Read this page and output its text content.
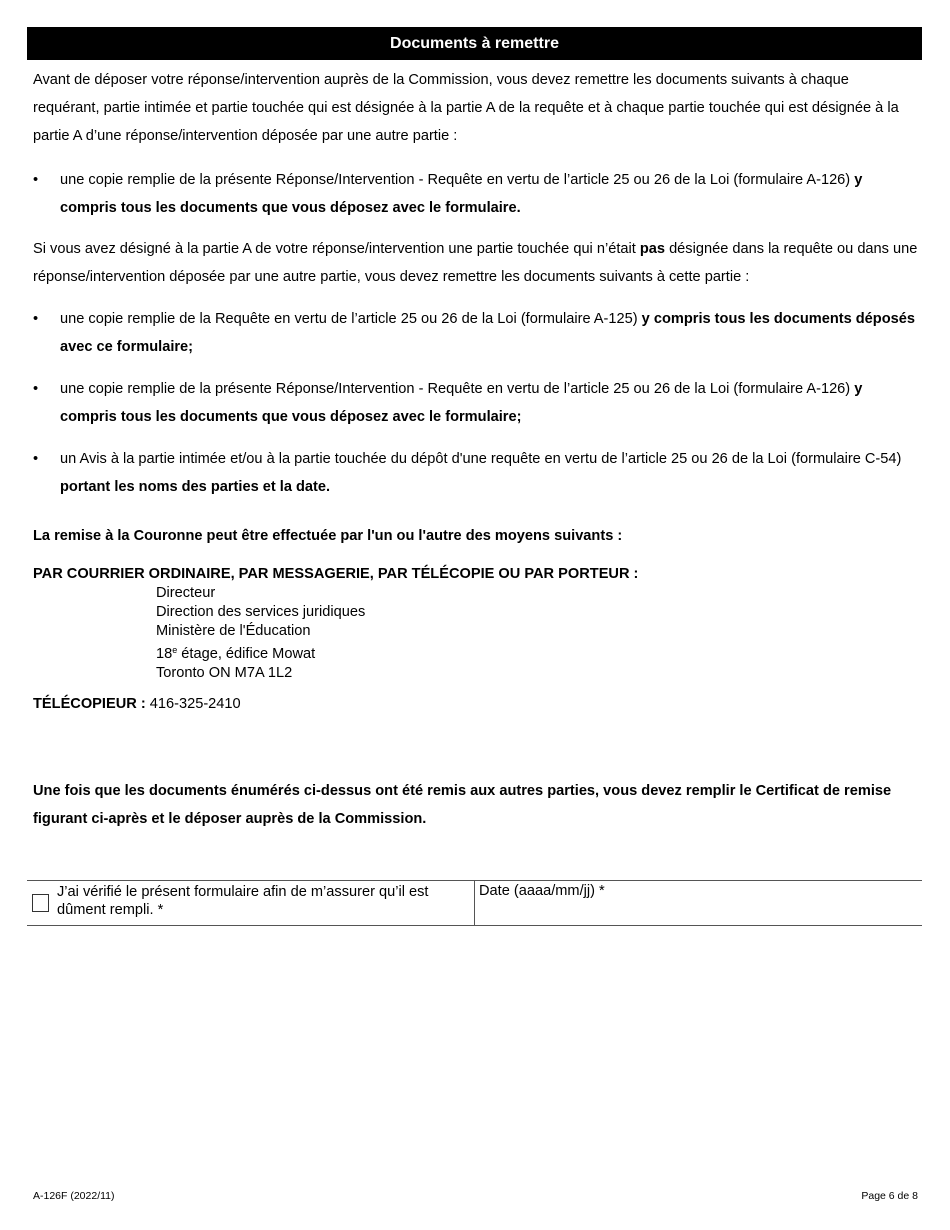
Documents à remettre
Avant de déposer votre réponse/intervention auprès de la Commission, vous devez remettre les documents suivants à chaque requérant, partie intimée et partie touchée qui est désignée à la partie A de la requête et à chaque partie touchée qui est désignée à la partie A d’une réponse/intervention déposée par une autre partie :
• une copie remplie de la présente Réponse/Intervention - Requête en vertu de l’article 25 ou 26 de la Loi (formulaire A-126) y compris tous les documents que vous déposez avec le formulaire.
Si vous avez désigné à la partie A de votre réponse/intervention une partie touchée qui n’était pas désignée dans la requête ou dans une réponse/intervention déposée par une autre partie, vous devez remettre les documents suivants à cette partie :
• une copie remplie de la Requête en vertu de l’article 25 ou 26 de la Loi (formulaire A-125) y compris tous les documents déposés avec ce formulaire;
• une copie remplie de la présente Réponse/Intervention - Requête en vertu de l’article 25 ou 26 de la Loi (formulaire A-126) y compris tous les documents que vous déposez avec le formulaire;
• un Avis à la partie intimée et/ou à la partie touchée du dépôt d'une requête en vertu de l’article 25 ou 26 de la Loi (formulaire C-54) portant les noms des parties et la date.
La remise à la Couronne peut être effectuée par l'un ou l'autre des moyens suivants :
PAR COURRIER ORDINAIRE, PAR MESSAGERIE, PAR TÉLÉCOPIE OU PAR PORTEUR :
Directeur
Direction des services juridiques
Ministère de l'Éducation
18e étage, édifice Mowat
Toronto ON M7A 1L2
TÉLÉCOPIEUR : 416-325-2410
Une fois que les documents énumérés ci-dessus ont été remis aux autres parties, vous devez remplir le Certificat de remise figurant ci-après et le déposer auprès de la Commission.
J’ai vérifié le présent formulaire afin de m’assurer qu’il est dûment rempli. *
Date (aaaa/mm/jj) *
A-126F (2022/11)	Page 6 de 8
